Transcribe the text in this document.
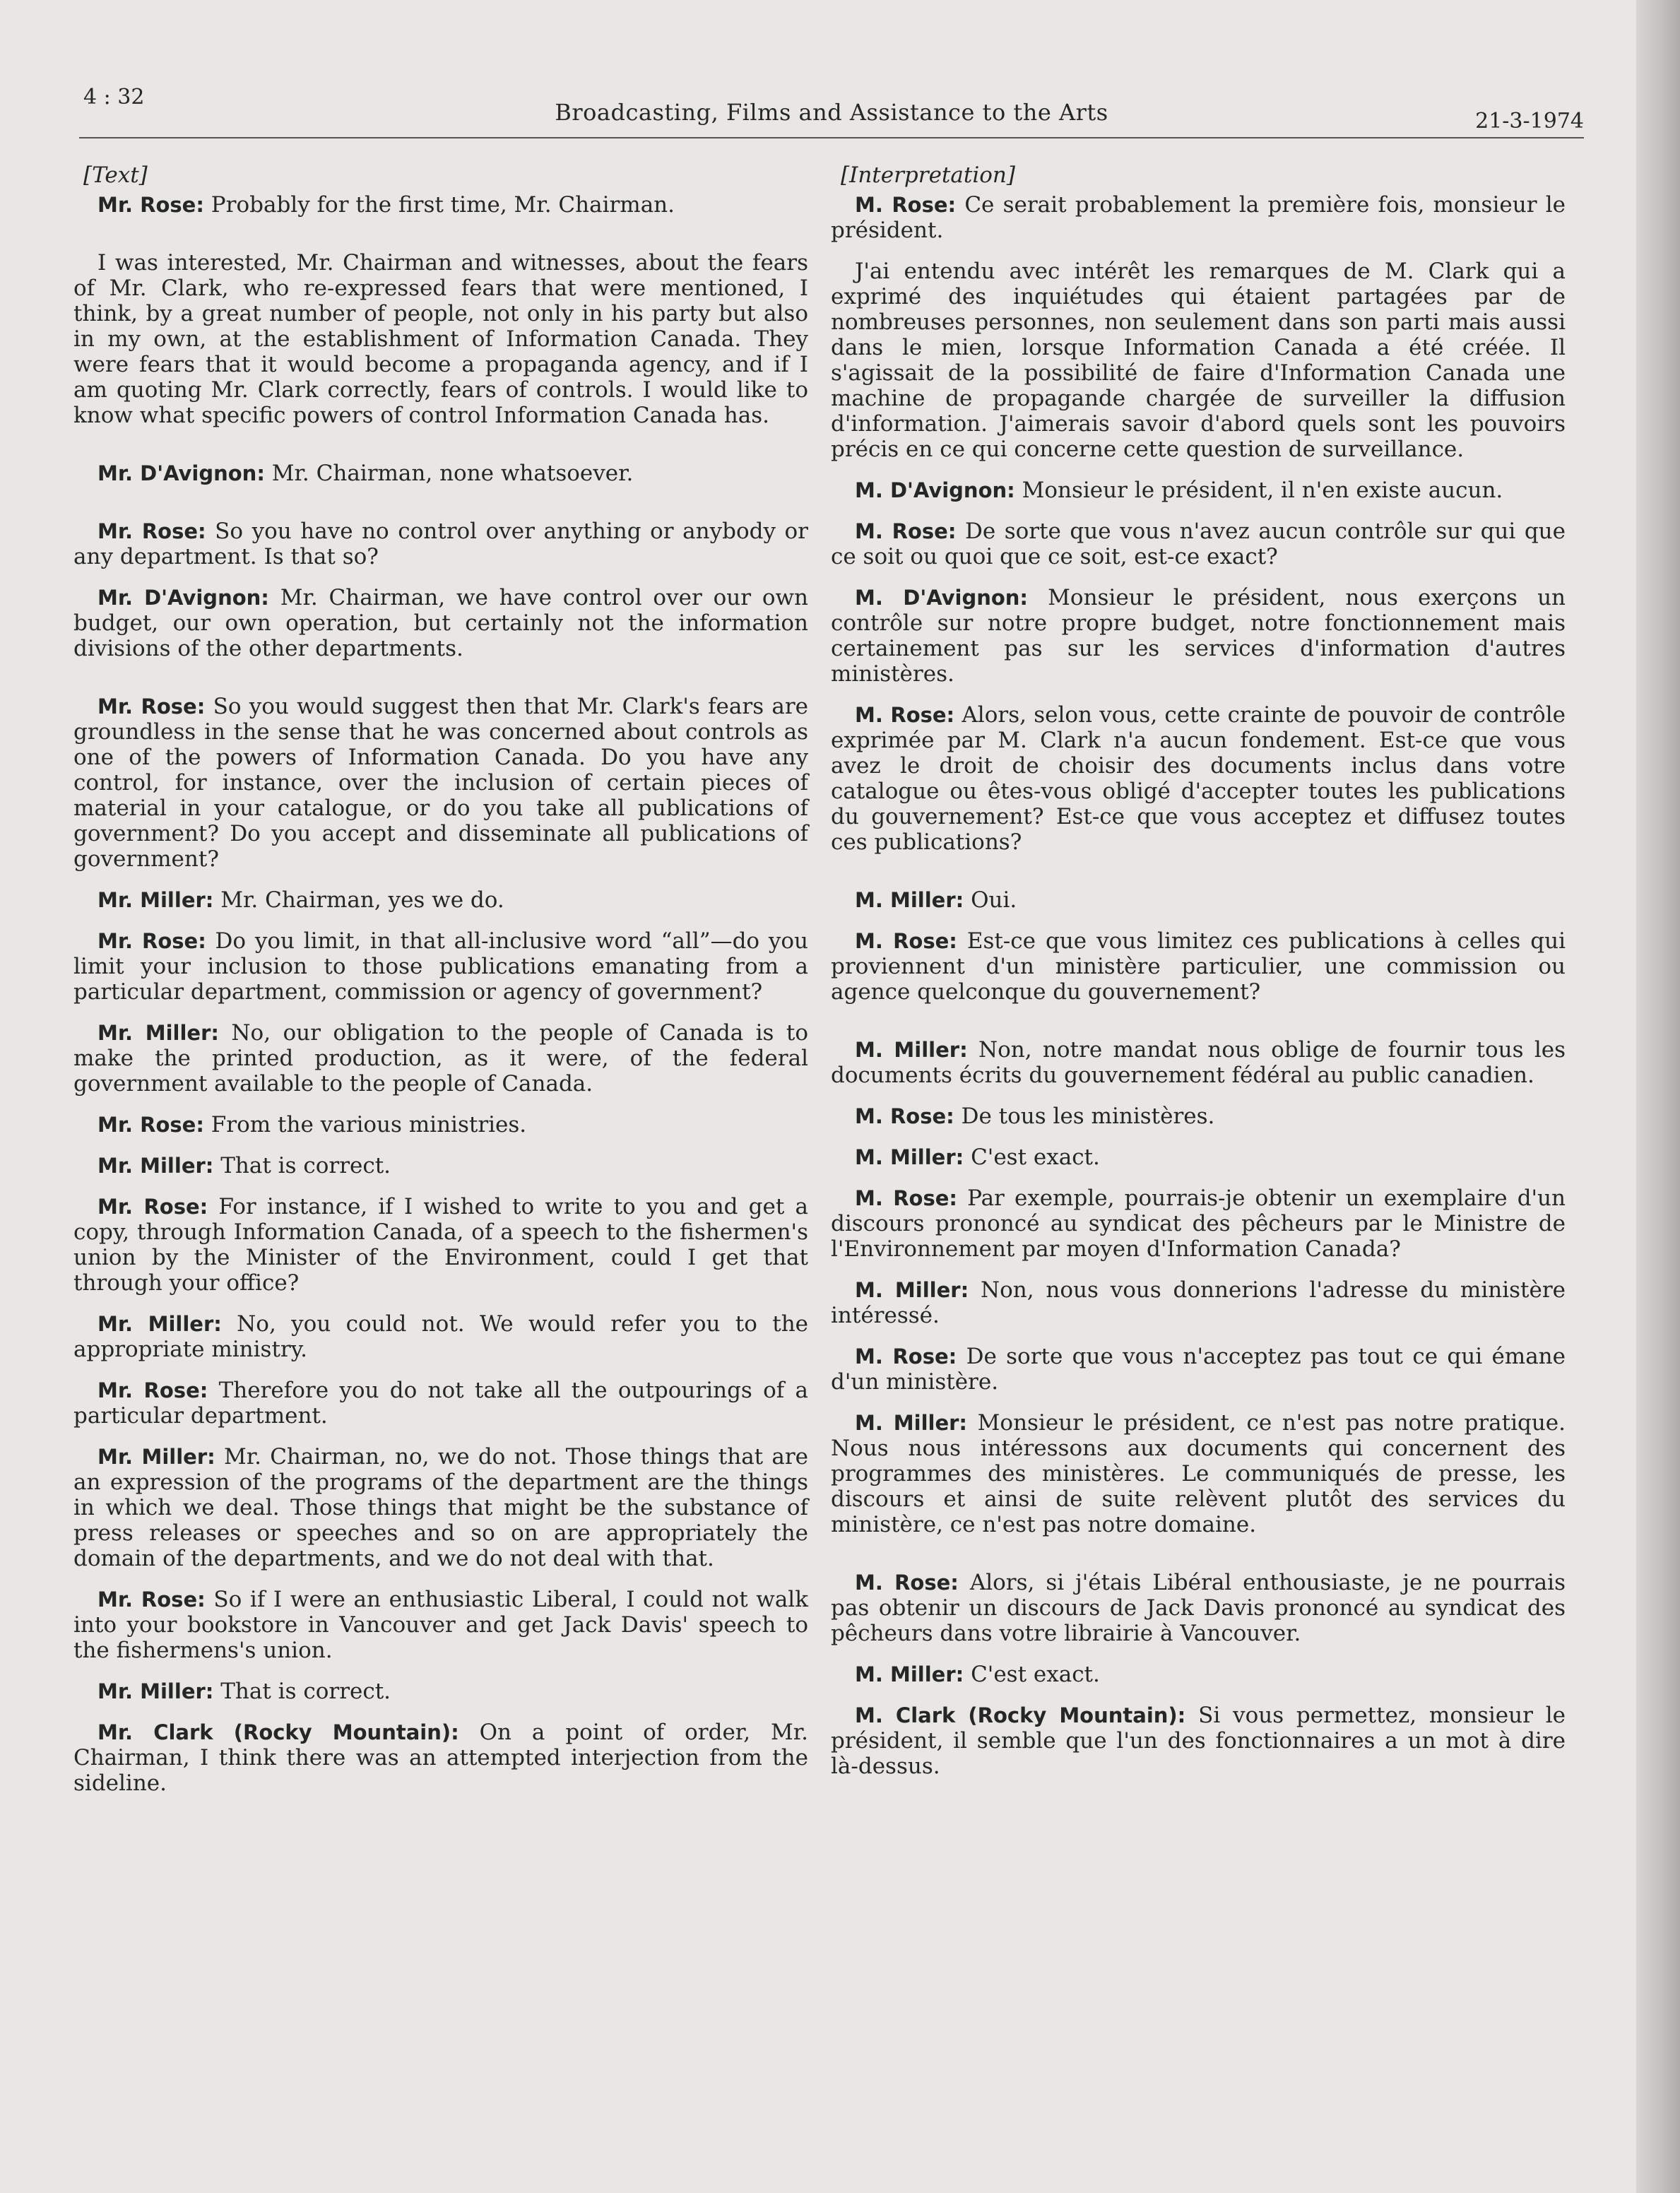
4 : 32
Broadcasting, Films and Assistance to the Arts	21-3-1974

[Text]

Mr. Rose: Probably for the first time, Mr. Chairman.

I was interested, Mr. Chairman and witnesses, about the fears of Mr. Clark, who re-expressed fears that were mentioned, I think, by a great number of people, not only in his party but also in my own, at the establishment of Information Canada. They were fears that it would become a propaganda agency, and if I am quoting Mr. Clark correctly, fears of controls. I would like to know what specific powers of control Information Canada has.

Mr. D'Avignon: Mr. Chairman, none whatsoever.

Mr. Rose: So you have no control over anything or anybody or any department. Is that so?

Mr. D'Avignon: Mr. Chairman, we have control over our own budget, our own operation, but certainly not the information divisions of the other departments.

Mr. Rose: So you would suggest then that Mr. Clark's fears are groundless in the sense that he was concerned about controls as one of the powers of Information Canada. Do you have any control, for instance, over the inclusion of certain pieces of material in your catalogue, or do you take all publications of government? Do you accept and disseminate all publications of government?

Mr. Miller: Mr. Chairman, yes we do.

Mr. Rose: Do you limit, in that all-inclusive word “all”—do you limit your inclusion to those publications emanating from a particular department, commission or agency of government?

Mr. Miller: No, our obligation to the people of Canada is to make the printed production, as it were, of the federal government available to the people of Canada.

Mr. Rose: From the various ministries.

Mr. Miller: That is correct.

Mr. Rose: For instance, if I wished to write to you and get a copy, through Information Canada, of a speech to the fishermen's union by the Minister of the Environment, could I get that through your office?

Mr. Miller: No, you could not. We would refer you to the appropriate ministry.

Mr. Rose: Therefore you do not take all the outpourings of a particular department.

Mr. Miller: Mr. Chairman, no, we do not. Those things that are an expression of the programs of the department are the things in which we deal. Those things that might be the substance of press releases or speeches and so on are appropriately the domain of the departments, and we do not deal with that.

Mr. Rose: So if I were an enthusiastic Liberal, I could not walk into your bookstore in Vancouver and get Jack Davis' speech to the fishermens's union.

Mr. Miller: That is correct.

Mr. Clark (Rocky Mountain): On a point of order, Mr. Chairman, I think there was an attempted interjection from the sideline.

[Interpretation]

M. Rose: Ce serait probablement la première fois, monsieur le président.

J'ai entendu avec intérêt les remarques de M. Clark qui a exprimé des inquiétudes qui étaient partagées par de nombreuses personnes, non seulement dans son parti mais aussi dans le mien, lorsque Information Canada a été créée. Il s'agissait de la possibilité de faire d'Information Canada une machine de propagande chargée de surveiller la diffusion d'information. J'aimerais savoir d'abord quels sont les pouvoirs précis en ce qui concerne cette question de surveillance.

M. D'Avignon: Monsieur le président, il n'en existe aucun.

M. Rose: De sorte que vous n'avez aucun contrôle sur qui que ce soit ou quoi que ce soit, est-ce exact?

M. D'Avignon: Monsieur le président, nous exerçons un contrôle sur notre propre budget, notre fonctionnement mais certainement pas sur les services d'information d'autres ministères.

M. Rose: Alors, selon vous, cette crainte de pouvoir de contrôle exprimée par M. Clark n'a aucun fondement. Est-ce que vous avez le droit de choisir des documents inclus dans votre catalogue ou êtes-vous obligé d'accepter toutes les publications du gouvernement? Est-ce que vous acceptez et diffusez toutes ces publications?

M. Miller: Oui.

M. Rose: Est-ce que vous limitez ces publications à celles qui proviennent d'un ministère particulier, une commission ou agence quelconque du gouvernement?

M. Miller: Non, notre mandat nous oblige de fournir tous les documents écrits du gouvernement fédéral au public canadien.

M. Rose: De tous les ministères.

M. Miller: C'est exact.

M. Rose: Par exemple, pourrais-je obtenir un exemplaire d'un discours prononcé au syndicat des pêcheurs par le Ministre de l'Environnement par moyen d'Information Canada?

M. Miller: Non, nous vous donnerions l'adresse du ministère intéressé.

M. Rose: De sorte que vous n'acceptez pas tout ce qui émane d'un ministère.

M. Miller: Monsieur le président, ce n'est pas notre pratique. Nous nous intéressons aux documents qui concernent des programmes des ministères. Le communiqués de presse, les discours et ainsi de suite relèvent plutôt des services du ministère, ce n'est pas notre domaine.

M. Rose: Alors, si j'étais Libéral enthousiaste, je ne pourrais pas obtenir un discours de Jack Davis prononcé au syndicat des pêcheurs dans votre librairie à Vancouver.

M. Miller: C'est exact.

M. Clark (Rocky Mountain): Si vous permettez, monsieur le président, il semble que l'un des fonctionnaires a un mot à dire là-dessus.
